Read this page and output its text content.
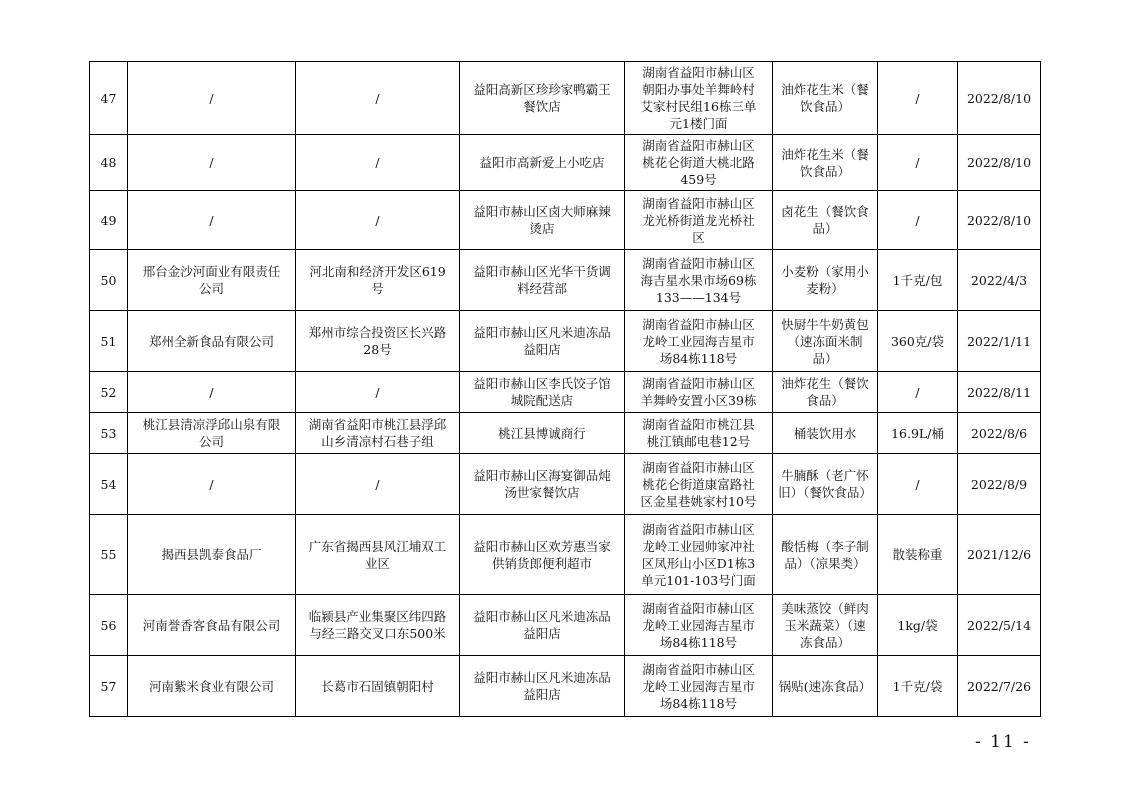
47	/	/	益阳高新区珍珍家鸭霸王
餐饮店	湖南省益阳市赫山区
朝阳办事处羊舞岭村
艾家村民组16栋三单
元1楼门面	油炸花生米（餐
饮食品）	/	2022/8/10
48	/	/	益阳市高新爱上小吃店	湖南省益阳市赫山区
桃花仑街道大桃北路
459号	油炸花生米（餐
饮食品）	/	2022/8/10
49	/	/	益阳市赫山区卤大师麻辣
烫店	湖南省益阳市赫山区
龙光桥街道龙光桥社
区	卤花生（餐饮食
品）	/	2022/8/10
50	邢台金沙河面业有限责任
公司	河北南和经济开发区619
号	益阳市赫山区光华干货调
料经营部	湖南省益阳市赫山区
海吉星水果市场69栋
133——134号	小麦粉（家用小
麦粉）	1千克/包	2022/4/3
51	郑州全新食品有限公司	郑州市综合投资区长兴路
28号	益阳市赫山区凡米迪冻品
益阳店	湖南省益阳市赫山区
龙岭工业园海吉星市
场84栋118号	快厨牛牛奶黄包
（速冻面米制
品）	360克/袋	2022/1/11
52	/	/	益阳市赫山区李氏饺子馆
城院配送店	湖南省益阳市赫山区
羊舞岭安置小区39栋	油炸花生（餐饮
食品）	/	2022/8/11
53	桃江县清凉浮邱山泉有限
公司	湖南省益阳市桃江县浮邱
山乡清凉村石巷子组	桃江县博诚商行	湖南省益阳市桃江县
桃江镇邮电巷12号	桶装饮用水	16.9L/桶	2022/8/6
54	/	/	益阳市赫山区海宴御品炖
汤世家餐饮店	湖南省益阳市赫山区
桃花仑街道康富路社
区金星巷姚家村10号	牛腩酥（老广怀
旧）（餐饮食品）	/	2022/8/9
55	揭西县凯泰食品厂	广东省揭西县风江埔双工
业区	益阳市赫山区欢芳惠当家
供销货郎便利超市	湖南省益阳市赫山区
龙岭工业园帅家冲社
区凤形山小区D1栋3
单元101-103号门面	酸恬梅（李子制
品）（凉果类）	散装称重	2021/12/6
56	河南誉香客食品有限公司	临颍县产业集聚区纬四路
与经三路交叉口东500米	益阳市赫山区凡米迪冻品
益阳店	湖南省益阳市赫山区
龙岭工业园海吉星市
场84栋118号	美味蒸饺（鲜肉
玉米蔬菜）（速
冻食品）	1kg/袋	2022/5/14
57	河南紫米食业有限公司	长葛市石固镇朝阳村	益阳市赫山区凡米迪冻品
益阳店	湖南省益阳市赫山区
龙岭工业园海吉星市
场84栋118号	锅贴(速冻食品）	1千克/袋	2022/7/26
- 11 -
